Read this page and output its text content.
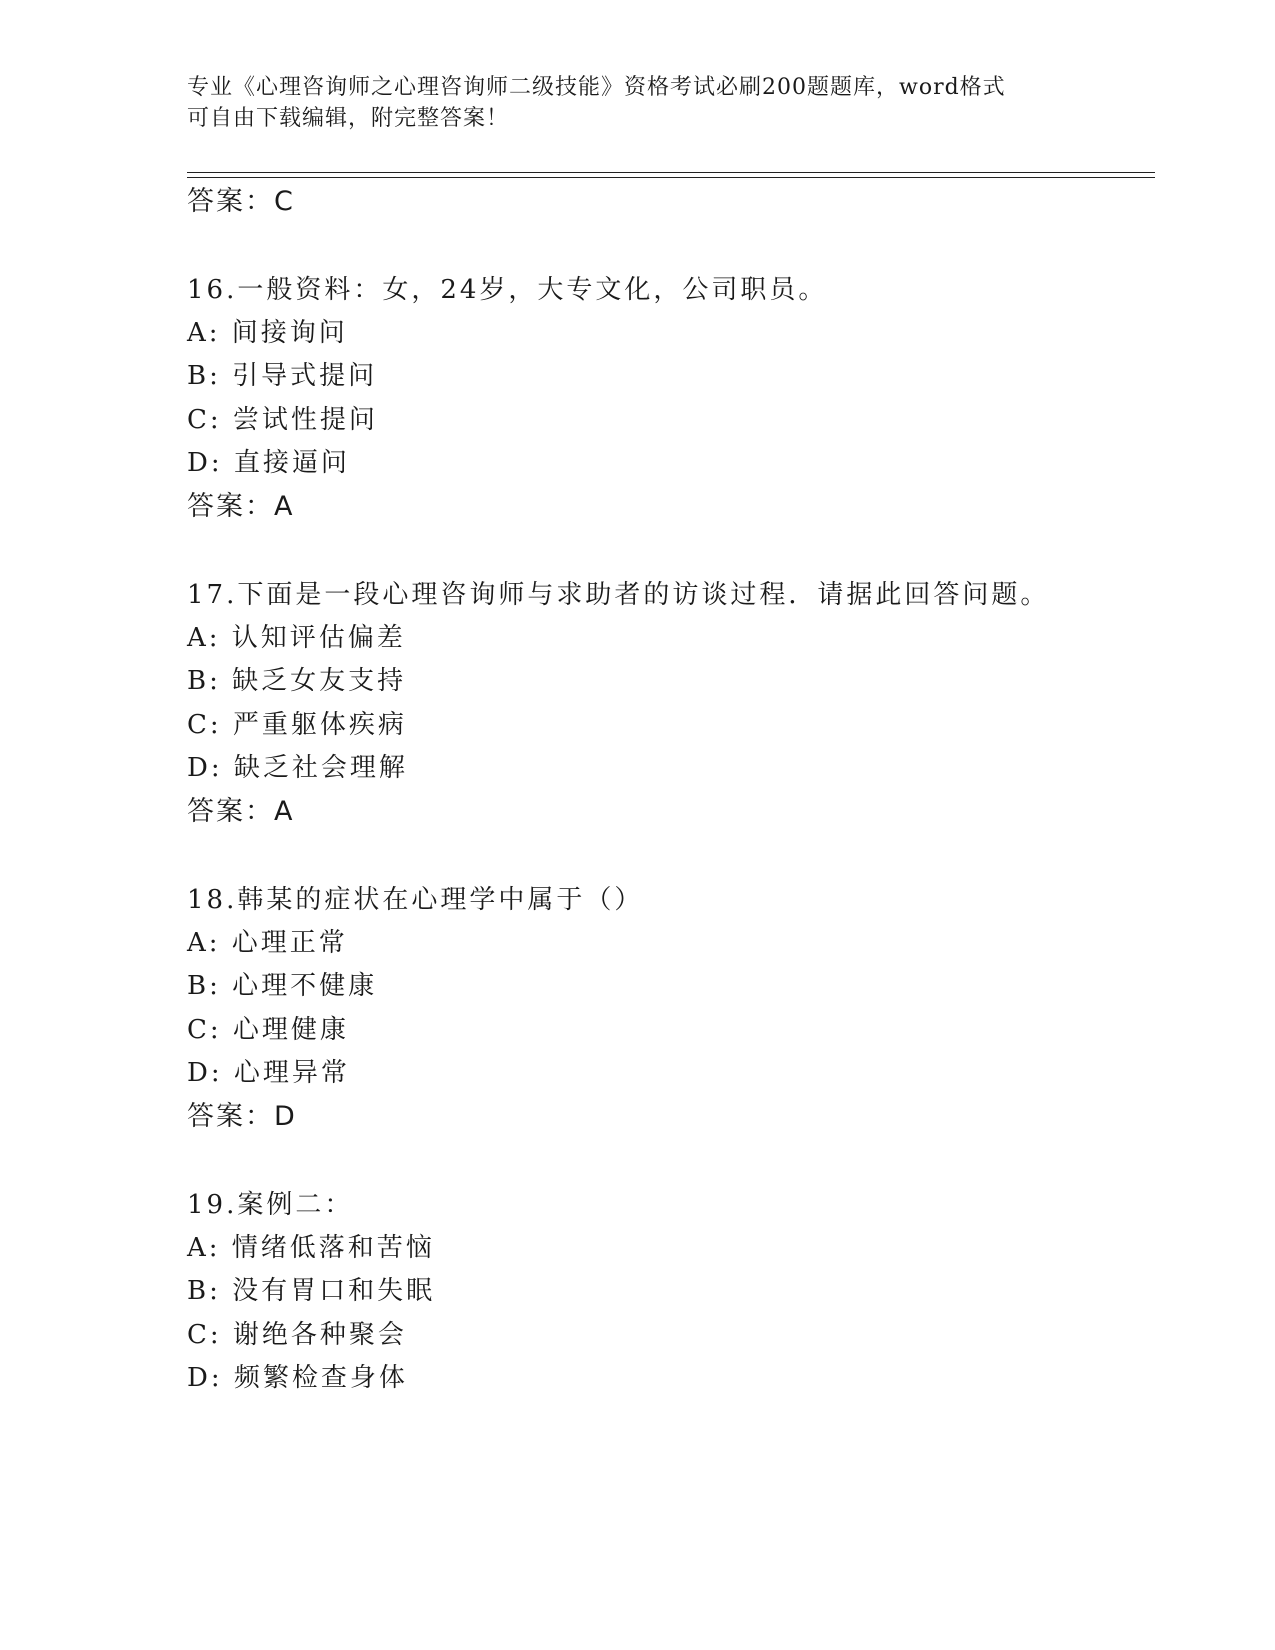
专业《心理咨询师之心理咨询师二级技能》资格考试必刷200题题库，word格式
可自由下载编辑，附完整答案！
答案：C
16.一般资料：女，24岁，大专文化，公司职员。
A: 间接询问
B: 引导式提问
C: 尝试性提问
D: 直接逼问
答案：A
17.下面是一段心理咨询师与求助者的访谈过程．请据此回答问题。
A: 认知评估偏差
B: 缺乏女友支持
C: 严重躯体疾病
D: 缺乏社会理解
答案：A
18.韩某的症状在心理学中属于（）
A: 心理正常
B: 心理不健康
C: 心理健康
D: 心理异常
答案：D
19.案例二：
A: 情绪低落和苦恼
B: 没有胃口和失眠
C: 谢绝各种聚会
D: 频繁检查身体
